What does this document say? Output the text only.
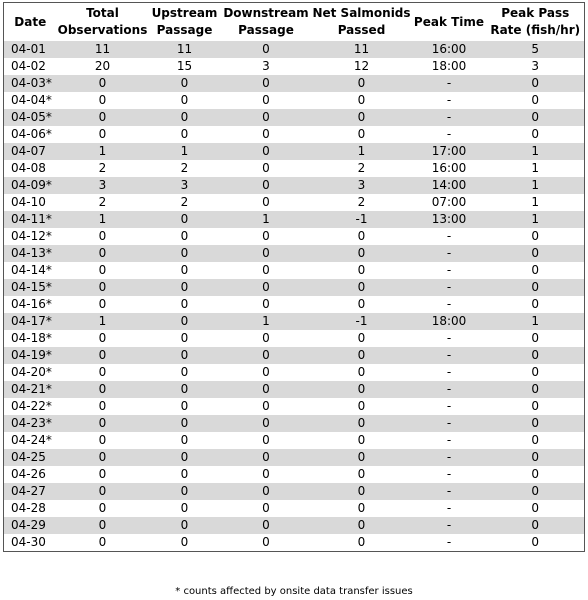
Date	Total Observations	Upstream Passage	Downstream Passage	Net Salmonids Passed	Peak Time	Peak Pass Rate (fish/hr)
04-01	11	11	0	11	16:00	5
04-02	20	15	3	12	18:00	3
04-03*	0	0	0	0	-	0
04-04*	0	0	0	0	-	0
04-05*	0	0	0	0	-	0
04-06*	0	0	0	0	-	0
04-07	1	1	0	1	17:00	1
04-08	2	2	0	2	16:00	1
04-09*	3	3	0	3	14:00	1
04-10	2	2	0	2	07:00	1
04-11*	1	0	1	-1	13:00	1
04-12*	0	0	0	0	-	0
04-13*	0	0	0	0	-	0
04-14*	0	0	0	0	-	0
04-15*	0	0	0	0	-	0
04-16*	0	0	0	0	-	0
04-17*	1	0	1	-1	18:00	1
04-18*	0	0	0	0	-	0
04-19*	0	0	0	0	-	0
04-20*	0	0	0	0	-	0
04-21*	0	0	0	0	-	0
04-22*	0	0	0	0	-	0
04-23*	0	0	0	0	-	0
04-24*	0	0	0	0	-	0
04-25	0	0	0	0	-	0
04-26	0	0	0	0	-	0
04-27	0	0	0	0	-	0
04-28	0	0	0	0	-	0
04-29	0	0	0	0	-	0
04-30	0	0	0	0	-	0
* counts affected by onsite data transfer issues
